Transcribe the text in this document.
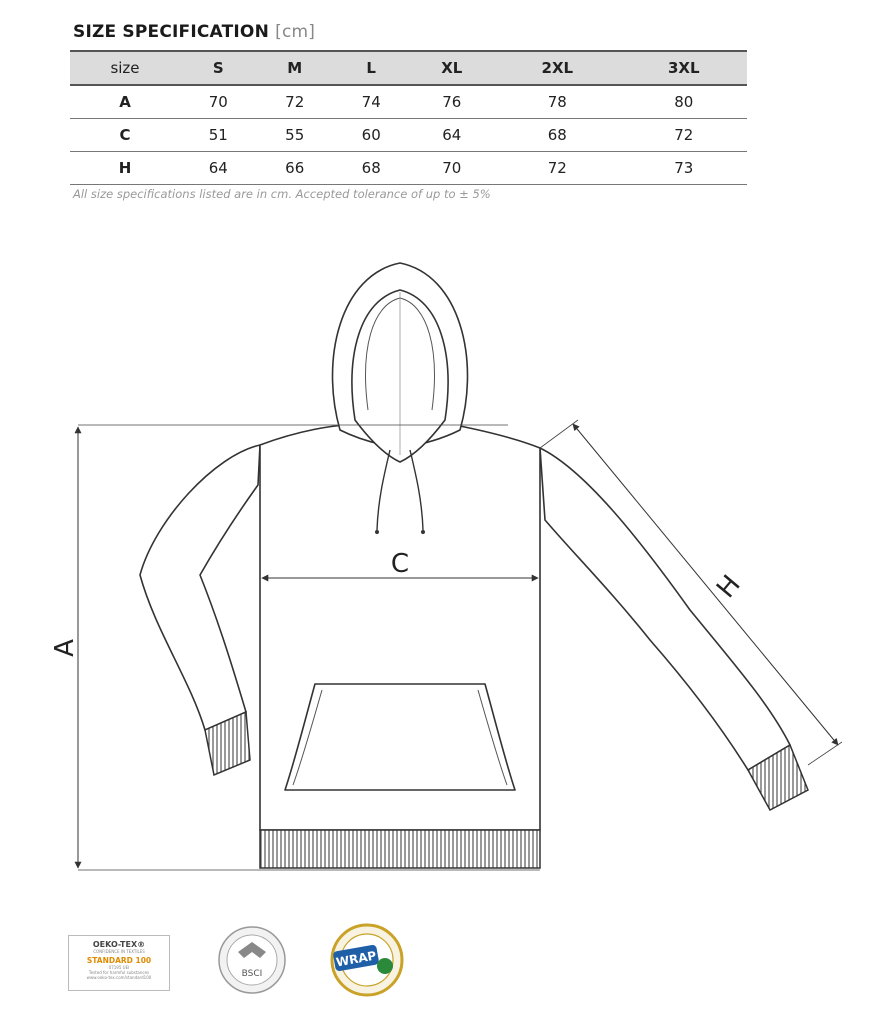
SIZE SPECIFICATION [cm]
size	S	M	L	XL	2XL	3XL
A	70	72	74	76	78	80
C	51	55	60	64	68	72
H	64	66	68	70	72	73
All size specifications listed are in cm. Accepted tolerance of up to ± 5%
A
C
H
BSCI
WRAP
OEKO-TEX®
CONFIDENCE IN TEXTILES
STANDARD 100
07195 UEI
Tested for harmful substances
www.oeko-tex.com/standard100
